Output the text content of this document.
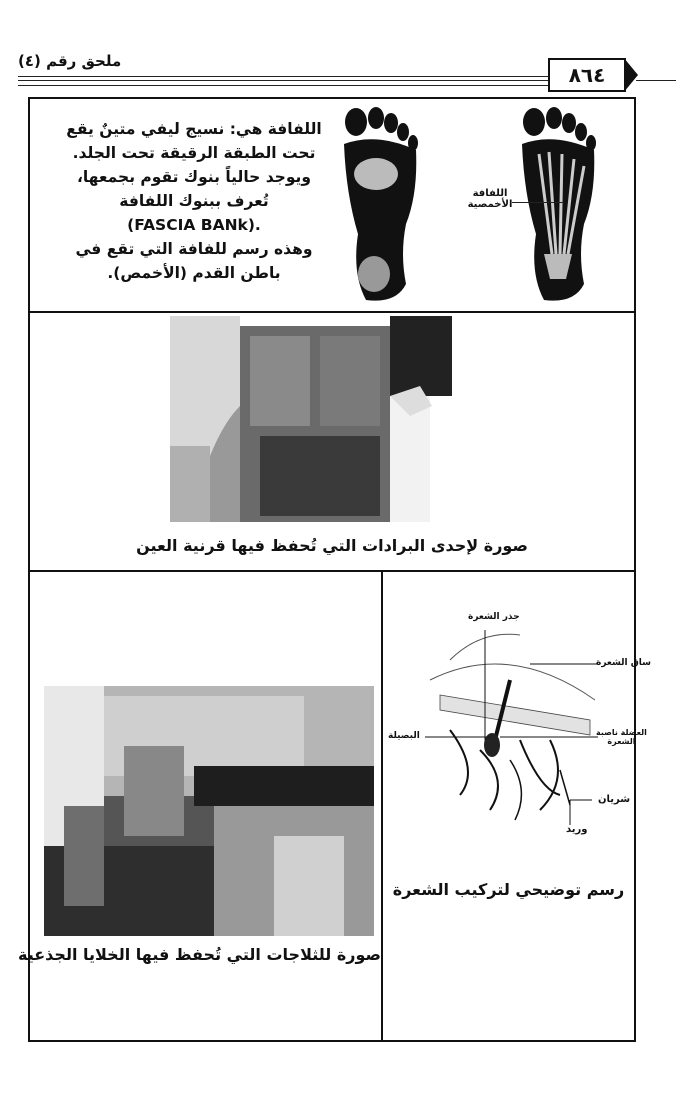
ملحق رقم (٤)
٨٦٤
اللفافة هي: نسيج ليفي متينٌ يقع
تحت الطبقة الرقيقة تحت الجلد.
ويوجد حالياً بنوك تقوم بجمعها،
تُعرف ببنوك اللفافة
(FASCIA BANk).
وهذه رسم للفافة التي تقع في
باطن القدم (الأخمص).
اللفافة
الأخمصية
صورة لإحدى البرادات التي تُحفظ فيها قرنية العين
صورة للثلاجات التي تُحفظ فيها الخلايا الجذعية
جذر الشعرة
ساق الشعرة
البصيلة	العضلة ناصبة
الشعرة
شريان
وريد
رسم توضيحي لتركيب الشعرة
